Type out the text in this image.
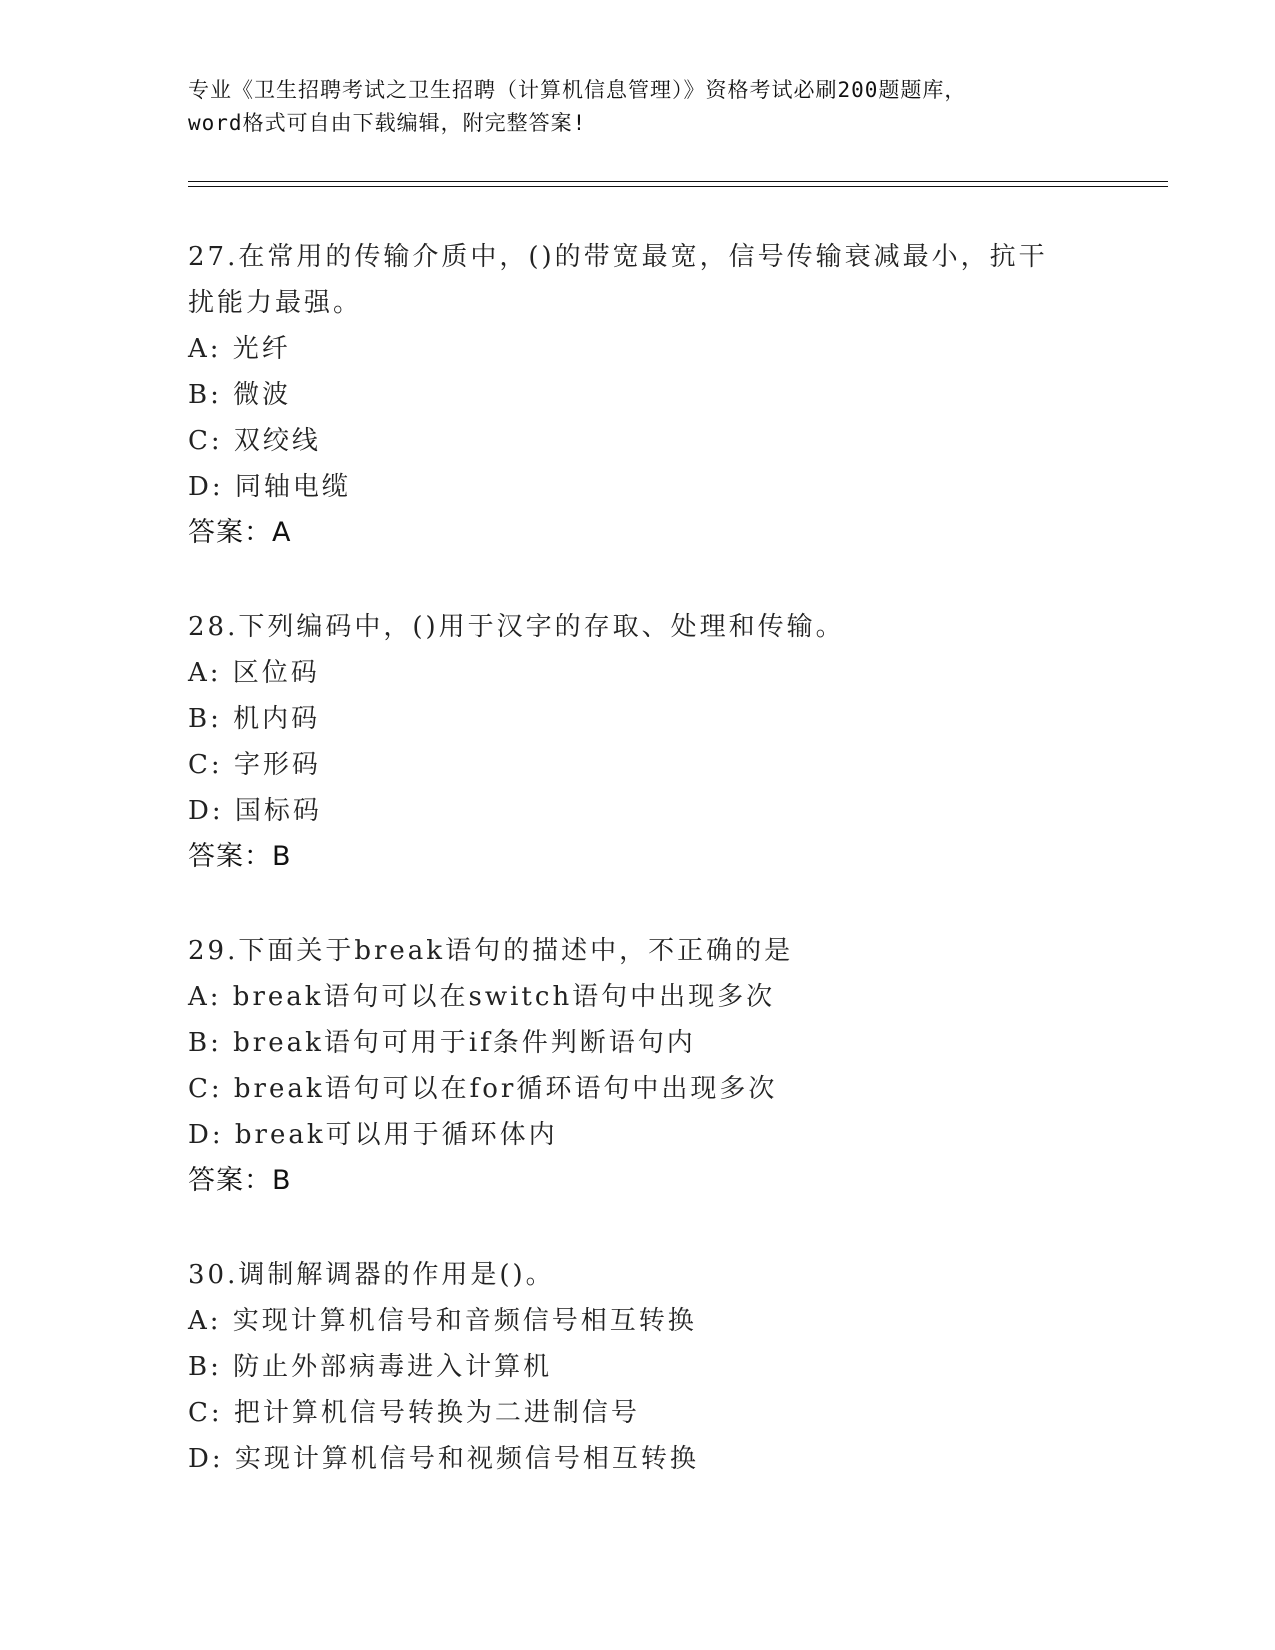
专业《卫生招聘考试之卫生招聘（计算机信息管理）》资格考试必刷200题题库，
word格式可自由下载编辑，附完整答案!
27.在常用的传输介质中，()的带宽最宽，信号传输衰减最小，抗干扰能力最强。
A: 光纤
B: 微波
C: 双绞线
D: 同轴电缆
答案：A
28.下列编码中，()用于汉字的存取、处理和传输。
A: 区位码
B: 机内码
C: 字形码
D: 国标码
答案：B
29.下面关于break语句的描述中，不正确的是
A: break语句可以在switch语句中出现多次
B: break语句可用于if条件判断语句内
C: break语句可以在for循环语句中出现多次
D: break可以用于循环体内
答案：B
30.调制解调器的作用是()。
A: 实现计算机信号和音频信号相互转换
B: 防止外部病毒进入计算机
C: 把计算机信号转换为二进制信号
D: 实现计算机信号和视频信号相互转换
